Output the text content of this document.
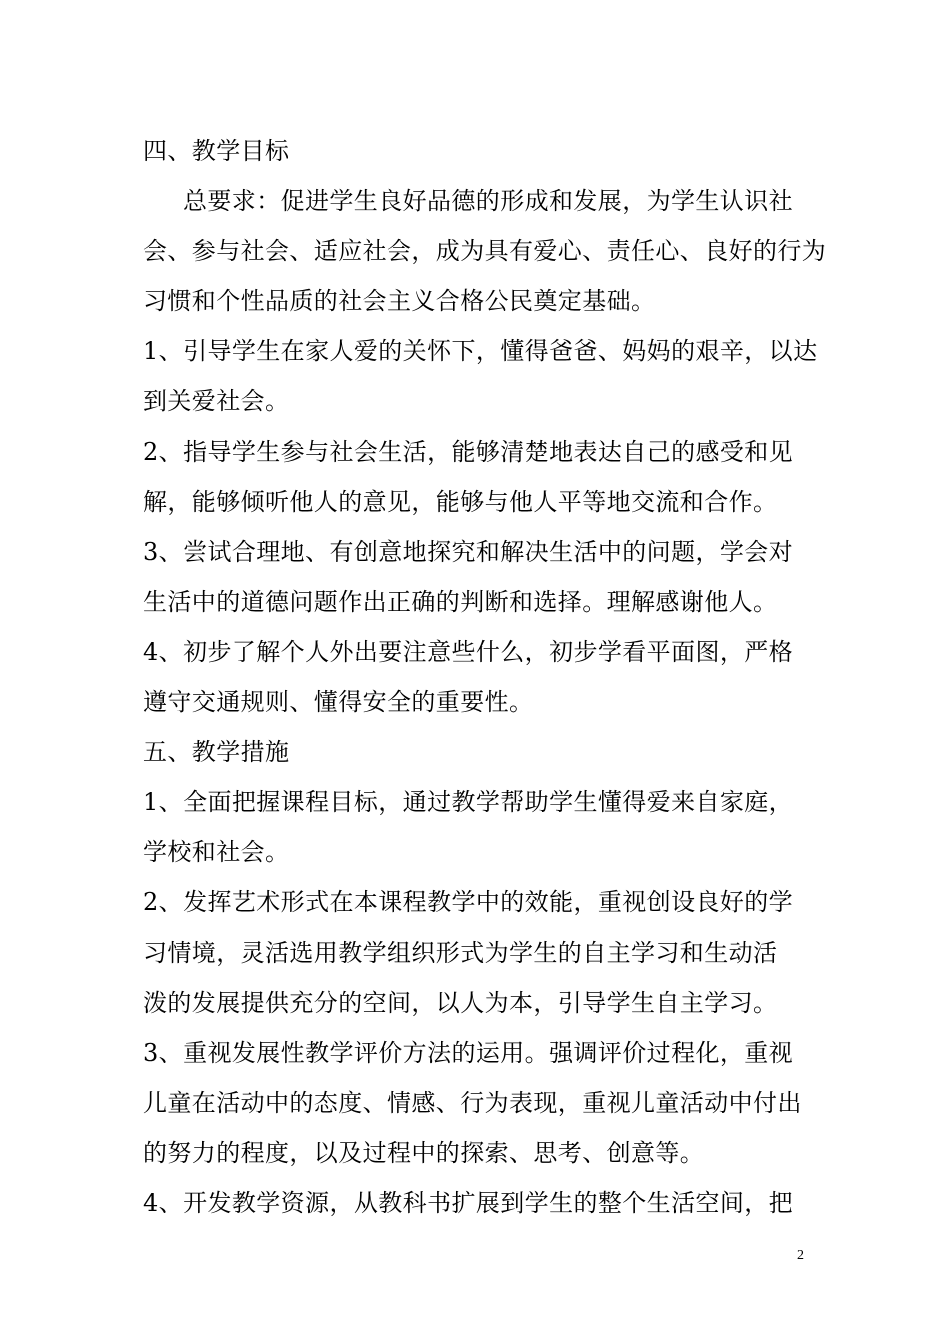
四、教学目标
总要求：促进学生良好品德的形成和发展，为学生认识社
会、参与社会、适应社会，成为具有爱心、责任心、良好的行为
习惯和个性品质的社会主义合格公民奠定基础。
1、引导学生在家人爱的关怀下，懂得爸爸、妈妈的艰辛，以达
到关爱社会。
2、指导学生参与社会生活，能够清楚地表达自己的感受和见
解，能够倾听他人的意见，能够与他人平等地交流和合作。
3、尝试合理地、有创意地探究和解决生活中的问题，学会对
生活中的道德问题作出正确的判断和选择。理解感谢他人。
4、初步了解个人外出要注意些什么，初步学看平面图，严格
遵守交通规则、懂得安全的重要性。
五、教学措施
1、全面把握课程目标，通过教学帮助学生懂得爱来自家庭，
学校和社会。
2、发挥艺术形式在本课程教学中的效能，重视创设良好的学
习情境，灵活选用教学组织形式为学生的自主学习和生动活
泼的发展提供充分的空间，以人为本，引导学生自主学习。
3、重视发展性教学评价方法的运用。强调评价过程化，重视
儿童在活动中的态度、情感、行为表现，重视儿童活动中付出
的努力的程度，以及过程中的探索、思考、创意等。
4、开发教学资源，从教科书扩展到学生的整个生活空间，把
2
